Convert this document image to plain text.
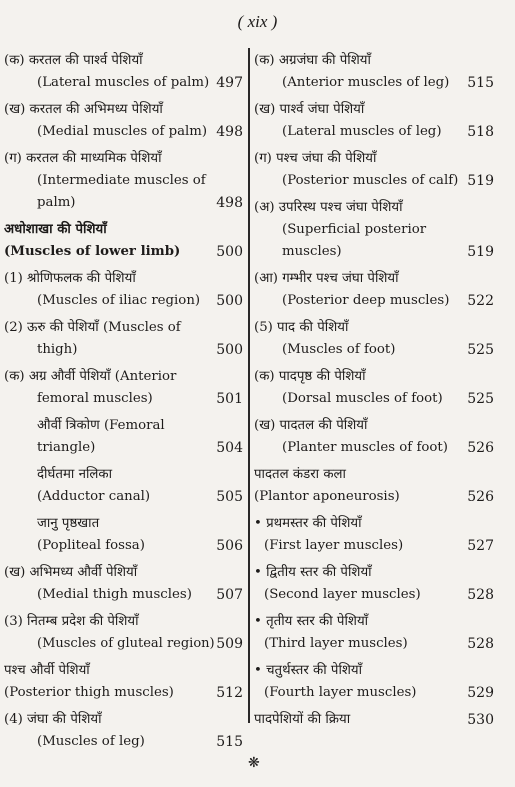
( xix )
(क) करतल की पार्श्व पेशियाँ
(Lateral muscles of palm) 497
(ख) करतल की अभिमध्य पेशियाँ
(Medial muscles of palm) 498
(ग) करतल की माध्यमिक पेशियाँ
(Intermediate muscles of
palm)	498
अधोशाखा की पेशियाँ
(Muscles of lower limb)	500
(1) श्रोणिफलक की पेशियाँ
(Muscles of iliac region)	500
(2) ऊरु की पेशियाँ (Muscles of
thigh)	500
(क) अग्र और्वी पेशियाँ (Anterior
femoral muscles)	501
और्वी त्रिकोण (Femoral
triangle)	504
दीर्घतमा नलिका
(Adductor canal)	505
जानु पृष्ठखात
(Popliteal fossa)	506
(ख) अभिमध्य और्वी पेशियाँ
(Medial thigh muscles)	507
(3) नितम्ब प्रदेश की पेशियाँ
(Muscles of gluteal region) 509
पश्च और्वी पेशियाँ
(Posterior thigh muscles)	512
(4) जंघा की पेशियाँ
(Muscles of leg)	515
(क) अग्रजंघा की पेशियाँ
(Anterior muscles of leg)	515
(ख) पार्श्व जंघा पेशियाँ
(Lateral muscles of leg)	518
(ग) पश्च जंघा की पेशियाँ
(Posterior muscles of calf) 519
(अ) उपरिस्थ पश्च जंघा पेशियाँ
(Superficial posterior
muscles)	519
(आ) गम्भीर पश्च जंघा पेशियाँ
(Posterior deep muscles)	522
(5) पाद की पेशियाँ
(Muscles of foot)	525
(क) पादपृष्ठ की पेशियाँ
(Dorsal muscles of foot)	525
(ख) पादतल की पेशियाँ
(Planter muscles of foot)	526
पादतल कंडरा कला
(Plantor aponeurosis)	526
• प्रथमस्तर की पेशियाँ
(First layer muscles)	527
• द्वितीय स्तर की पेशियाँ
(Second layer muscles)	528
• तृतीय स्तर की पेशियाँ
(Third layer muscles)	528
• चतुर्थस्तर की पेशियाँ
(Fourth layer muscles)	529
पादपेशियों की क्रिया	530
❋
